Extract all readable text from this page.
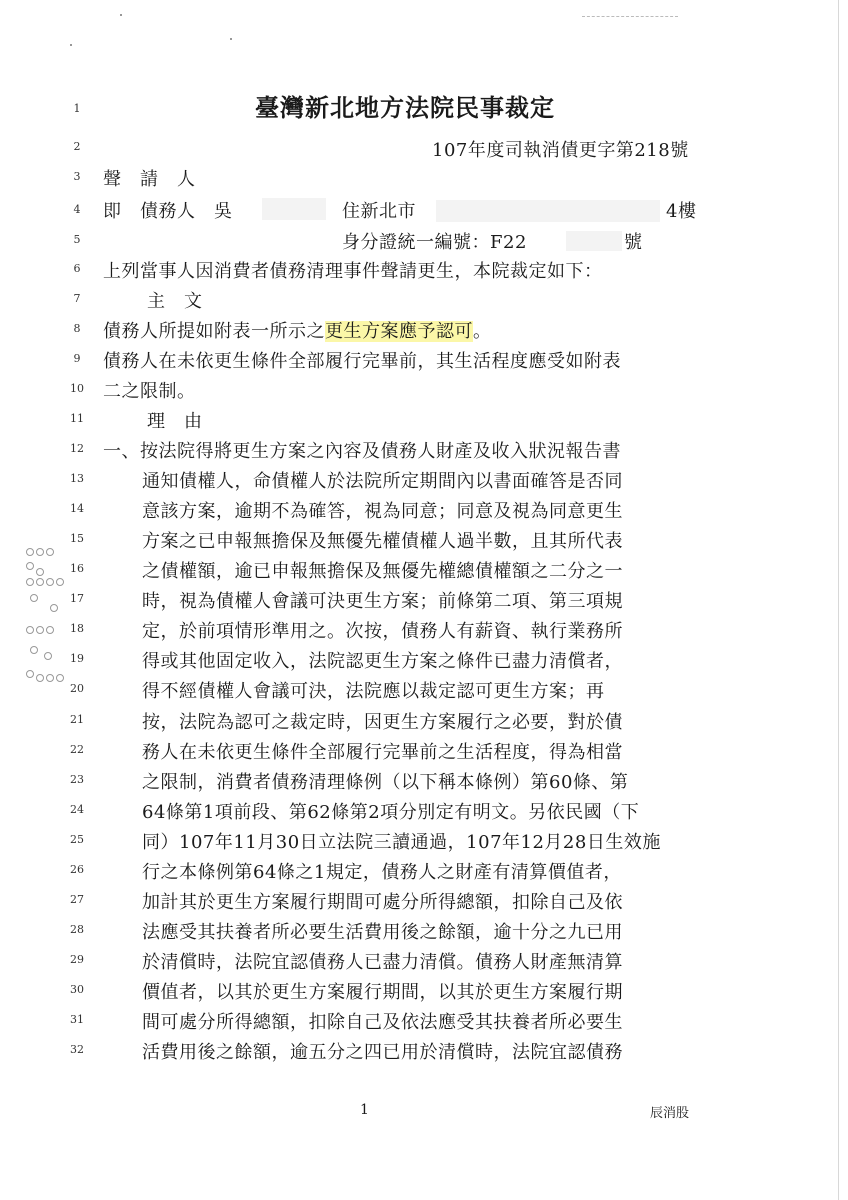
1
2
3
4
5
6
7
8
9
10
11
12
13
14
15
16
17
18
19
20
21
22
23
24
25
26
27
28
29
30
31
32
臺灣新北地方法院民事裁定
107年度司執消債更字第218號
聲　請　人
即　債務人　吳	住新北市	4樓
身分證統一編號：F22	號
上列當事人因消費者債務清理事件聲請更生，本院裁定如下：
主　文
債務人所提如附表一所示之更生方案應予認可。
債務人在未依更生條件全部履行完畢前，其生活程度應受如附表
二之限制。
理　由
一、按法院得將更生方案之內容及債務人財產及收入狀況報告書
通知債權人，命債權人於法院所定期間內以書面確答是否同
意該方案，逾期不為確答，視為同意；同意及視為同意更生
方案之已申報無擔保及無優先權債權人過半數，且其所代表
之債權額，逾已申報無擔保及無優先權總債權額之二分之一
時，視為債權人會議可決更生方案；前條第二項、第三項規
定，於前項情形準用之。次按，債務人有薪資、執行業務所
得或其他固定收入，法院認更生方案之條件已盡力清償者，
得不經債權人會議可決，法院應以裁定認可更生方案；再
按，法院為認可之裁定時，因更生方案履行之必要，對於債
務人在未依更生條件全部履行完畢前之生活程度，得為相當
之限制，消費者債務清理條例（以下稱本條例）第60條、第
64條第1項前段、第62條第2項分別定有明文。另依民國（下
同）107年11月30日立法院三讀通過，107年12月28日生效施
行之本條例第64條之1規定，債務人之財產有清算價值者，
加計其於更生方案履行期間可處分所得總額，扣除自己及依
法應受其扶養者所必要生活費用後之餘額，逾十分之九已用
於清償時，法院宜認債務人已盡力清償。債務人財產無清算
價值者，以其於更生方案履行期間，以其於更生方案履行期
間可處分所得總額，扣除自己及依法應受其扶養者所必要生
活費用後之餘額，逾五分之四已用於清償時，法院宜認債務
1	辰消股
